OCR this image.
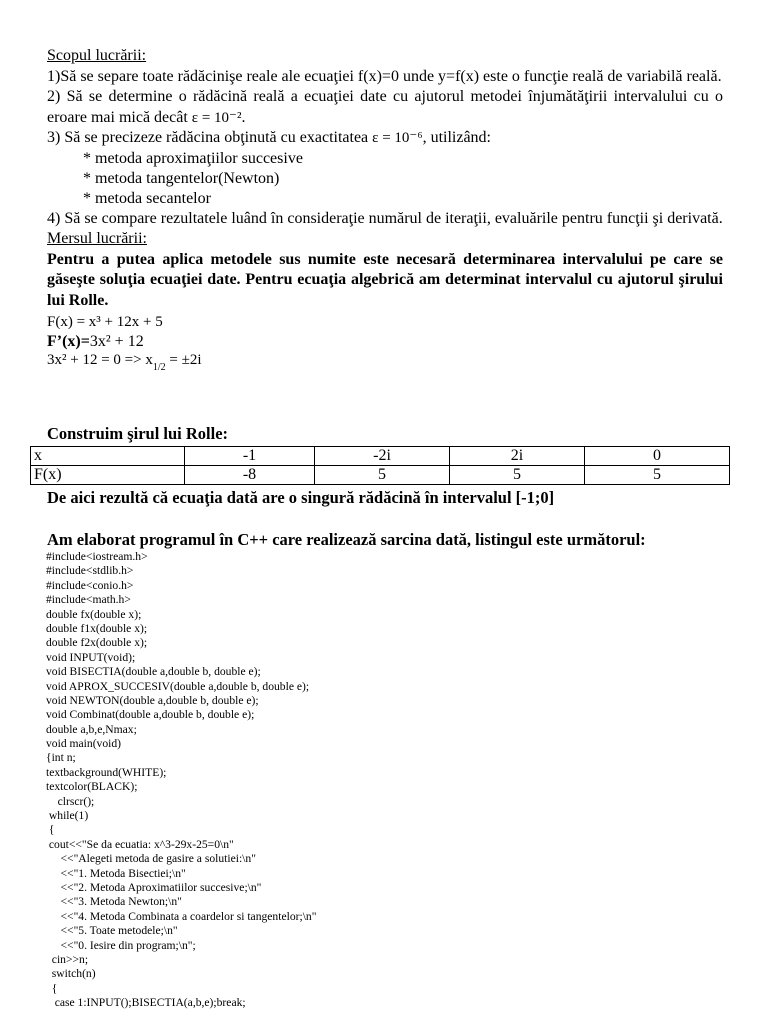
Scopul lucrării:

1)Să se separe toate rădăcinişe reale ale ecuaţiei f(x)=0 unde y=f(x) este o funcţie reală de variabilă reală.

2) Să se determine o rădăcină reală a ecuaţiei date cu ajutorul metodei înjumătăţirii intervalului cu o eroare mai mică decât ε = 10⁻².

3) Să se precizeze rădăcina obţinută cu exactitatea ε = 10⁻⁶, utilizând:

* metoda aproximaţiilor succesive
* metoda tangentelor(Newton)
* metoda secantelor

4) Să se compare rezultatele luând în consideraţie numărul de iteraţii, evaluările pentru funcţii şi derivată.

Mersul lucrării:

Pentru a putea aplica metodele sus numite este necesară determinarea intervalului pe care se găseşte soluţia ecuaţiei date. Pentru ecuaţia algebrică am determinat intervalul cu ajutorul şirului lui Rolle.

F(x) = x³ + 12x + 5
F’(x)=3x² + 12
3x² + 12 = 0 => x1/2 = ±2i
Construim şirul lui Rolle:
x	-1	-2i	2i	0
F(x)	-8	5	5	5
De aici rezultă că ecuaţia dată are o singură rădăcină în intervalul [-1;0]
Am elaborat programul în C++ care realizează sarcina dată, listingul este următorul:
#include<iostream.h>
#include<stdlib.h>
#include<conio.h>
#include<math.h>
double fx(double x);
double f1x(double x);
double f2x(double x);
void INPUT(void);
void BISECTIA(double a,double b, double e);
void APROX_SUCCESIV(double a,double b, double e);
void NEWTON(double a,double b, double e);
void Combinat(double a,double b, double e);
double a,b,e,Nmax;
void main(void)
{int n;
textbackground(WHITE);
textcolor(BLACK);
clrscr();
while(1)
{
cout<<"Se da ecuatia: x^3-29x-25=0\n"
<<"Alegeti metoda de gasire a solutiei:\n"
<<"1. Metoda Bisectiei;\n"
<<"2. Metoda Aproximatiilor succesive;\n"
<<"3. Metoda Newton;\n"
<<"4. Metoda Combinata a coardelor si tangentelor;\n"
<<"5. Toate metodele;\n"
<<"0. Iesire din program;\n";
cin>>n;
switch(n)
{
case 1:INPUT();BISECTIA(a,b,e);break;
